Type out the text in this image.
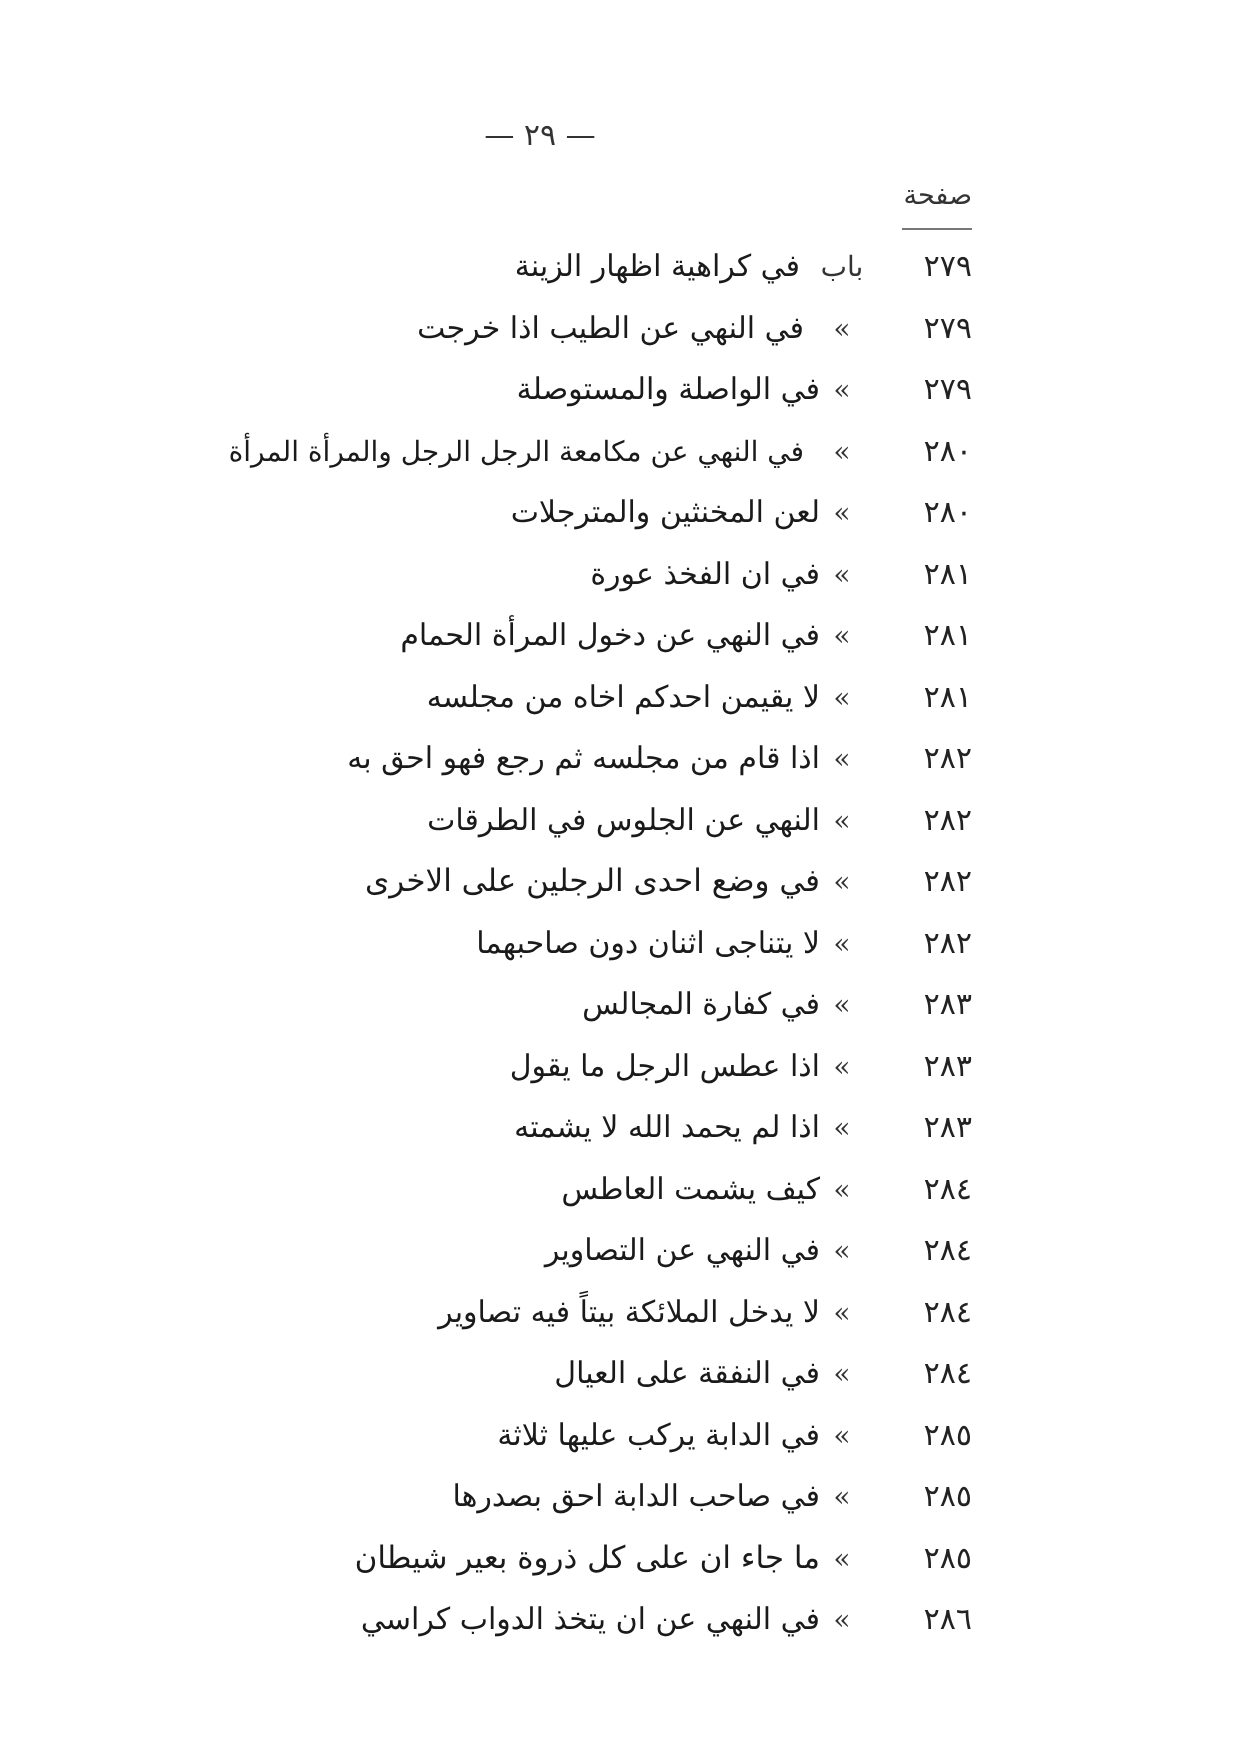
— ٢٩ —
صفحة
٢٧٩
باب
في كراهية اظهار الزينة
٢٧٩
»
في النهي عن الطيب اذا خرجت
٢٧٩
»
في الواصلة والمستوصلة
٢٨٠
»
في النهي عن مكامعة الرجل الرجل والمرأة المرأة
٢٨٠
»
لعن المخنثين والمترجلات
٢٨١
»
في ان الفخذ عورة
٢٨١
»
في النهي عن دخول المرأة الحمام
٢٨١
»
لا يقيمن احدكم اخاه من مجلسه
٢٨٢
»
اذا قام من مجلسه ثم رجع فهو احق به
٢٨٢
»
النهي عن الجلوس في الطرقات
٢٨٢
»
في وضع احدى الرجلين على الاخرى
٢٨٢
»
لا يتناجى اثنان دون صاحبهما
٢٨٣
»
في كفارة المجالس
٢٨٣
»
اذا عطس الرجل ما يقول
٢٨٣
»
اذا لم يحمد الله لا يشمته
٢٨٤
»
كيف يشمت العاطس
٢٨٤
»
في النهي عن التصاوير
٢٨٤
»
لا يدخل الملائكة بيتاً فيه تصاوير
٢٨٤
»
في النفقة على العيال
٢٨٥
»
في الدابة يركب عليها ثلاثة
٢٨٥
»
في صاحب الدابة احق بصدرها
٢٨٥
»
ما جاء ان على كل ذروة بعير شيطان
٢٨٦
»
في النهي عن ان يتخذ الدواب كراسي
